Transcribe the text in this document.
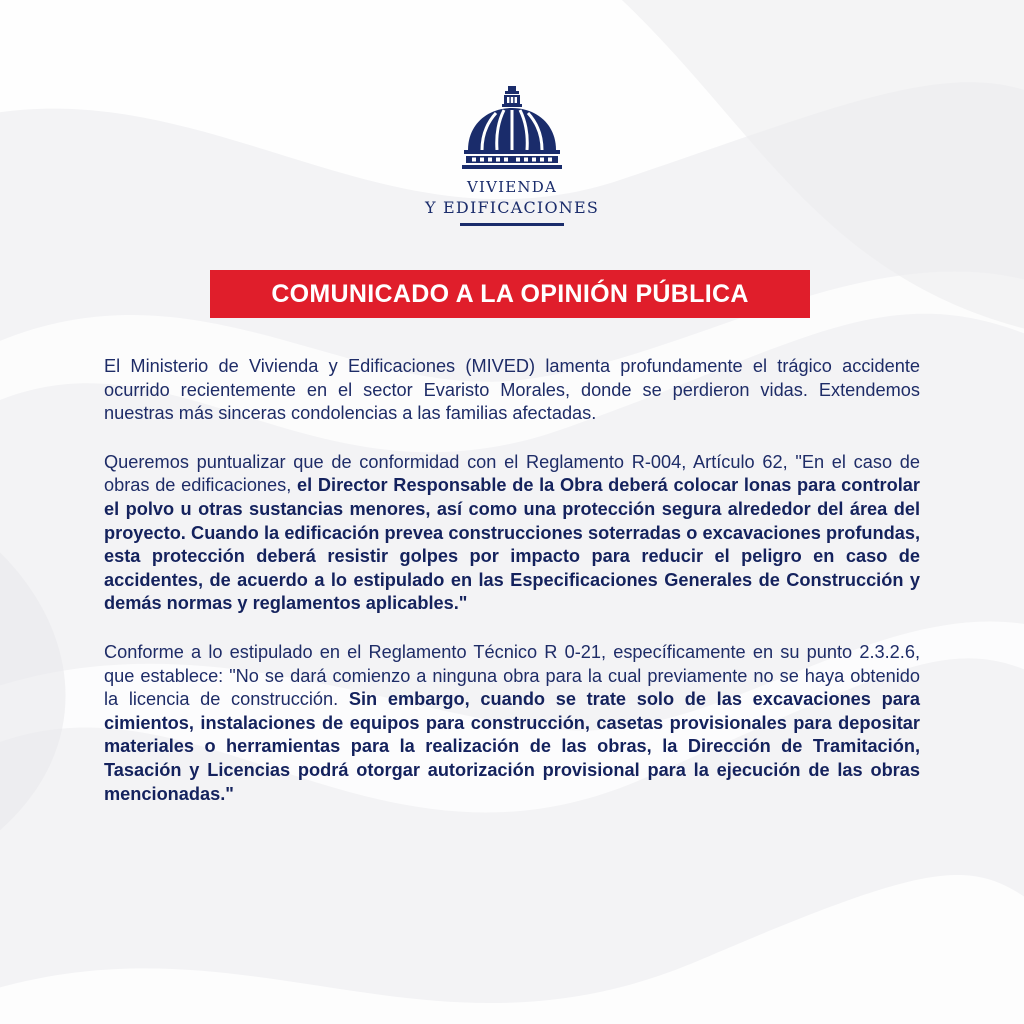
VIVIENDA
Y EDIFICACIONES
COMUNICADO A LA OPINIÓN PÚBLICA

El Ministerio de Vivienda y Edificaciones (MIVED) lamenta profundamente el trágico accidente ocurrido recientemente en el sector Evaristo Morales, donde se perdieron vidas. Extendemos nuestras más sinceras condolencias a las familias afectadas.

Queremos puntualizar que de conformidad con el Reglamento R-004, Artículo 62, "En el caso de obras de edificaciones, el Director Responsable de la Obra deberá colocar lonas para controlar el polvo u otras sustancias menores, así como una protección segura alrededor del área del proyecto. Cuando la edificación prevea construcciones soterradas o excavaciones profundas, esta protección deberá resistir golpes por impacto para reducir el peligro en caso de accidentes, de acuerdo a lo estipulado en las Especificaciones Generales de Construcción y demás normas y reglamentos aplicables."

Conforme a lo estipulado en el Reglamento Técnico R 0-21, específicamente en su punto 2.3.2.6, que establece: "No se dará comienzo a ninguna obra para la cual previamente no se haya obtenido la licencia de construcción. Sin embargo, cuando se trate solo de las excavaciones para cimientos, instalaciones de equipos para construcción, casetas provisionales para depositar materiales o herramientas para la realización de las obras, la Dirección de Tramitación, Tasación y Licencias podrá otorgar autorización provisional para la ejecución de las obras mencionadas."
